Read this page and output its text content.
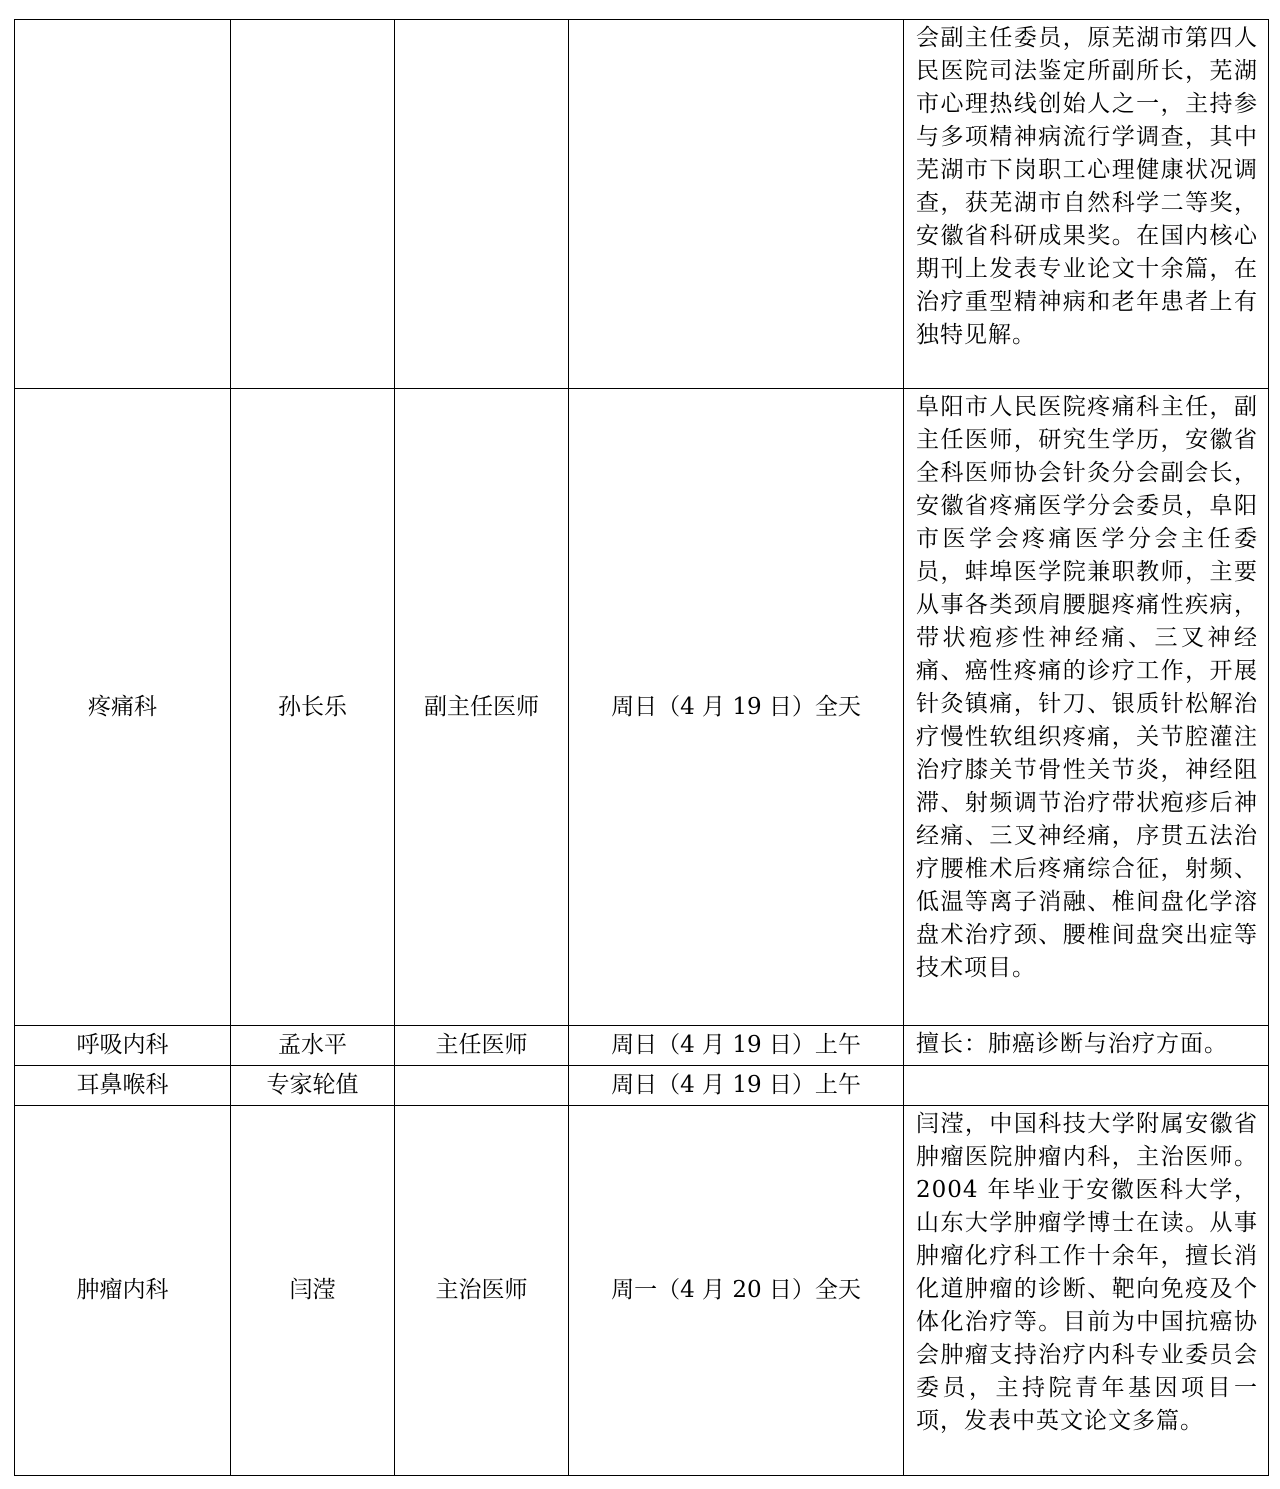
				会副主任委员，原芜湖市第四人民医院司法鉴定所副所长，芜湖市心理热线创始人之一，主持参与多项精神病流行学调查，其中芜湖市下岗职工心理健康状况调查，获芜湖市自然科学二等奖，安徽省科研成果奖。在国内核心期刊上发表专业论文十余篇，在治疗重型精神病和老年患者上有独特见解。
疼痛科	孙长乐	副主任医师	周日（4 月 19 日）全天	阜阳市人民医院疼痛科主任，副主任医师，研究生学历，安徽省全科医师协会针灸分会副会长，安徽省疼痛医学分会委员，阜阳市医学会疼痛医学分会主任委员，蚌埠医学院兼职教师，主要从事各类颈肩腰腿疼痛性疾病，带状疱疹性神经痛、三叉神经痛、癌性疼痛的诊疗工作，开展针灸镇痛，针刀、银质针松解治疗慢性软组织疼痛，关节腔灌注治疗膝关节骨性关节炎，神经阻滞、射频调节治疗带状疱疹后神经痛、三叉神经痛，序贯五法治疗腰椎术后疼痛综合征，射频、低温等离子消融、椎间盘化学溶盘术治疗颈、腰椎间盘突出症等技术项目。
呼吸内科	孟水平	主任医师	周日（4 月 19 日）上午	擅长：肺癌诊断与治疗方面。
耳鼻喉科	专家轮值		周日（4 月 19 日）上午	
肿瘤内科	闫滢	主治医师	周一（4 月 20 日）全天	闫滢，中国科技大学附属安徽省肿瘤医院肿瘤内科，主治医师。2004 年毕业于安徽医科大学，山东大学肿瘤学博士在读。从事肿瘤化疗科工作十余年，擅长消化道肿瘤的诊断、靶向免疫及个体化治疗等。目前为中国抗癌协会肿瘤支持治疗内科专业委员会委员，主持院青年基因项目一项，发表中英文论文多篇。
